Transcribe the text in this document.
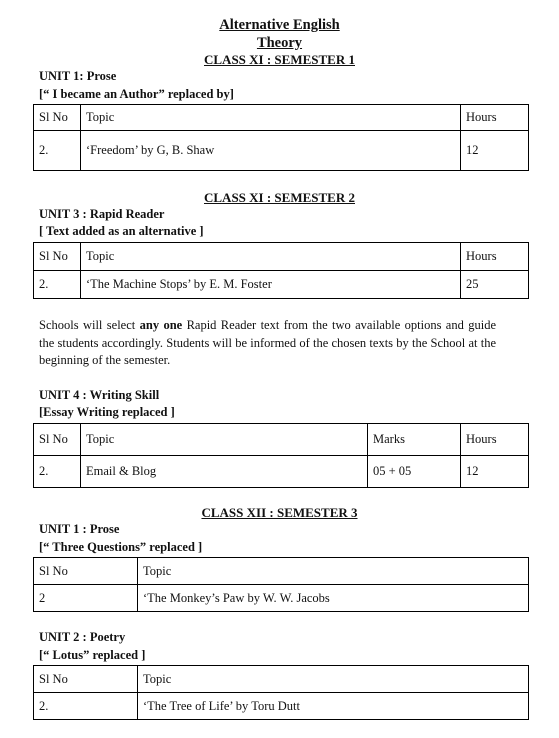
Alternative English
Theory
CLASS XI : SEMESTER 1
UNIT 1: Prose
[“ I became an Author” replaced by]
Sl No	Topic	Hours
2.	‘Freedom’ by G, B. Shaw	12
CLASS XI : SEMESTER 2
UNIT 3 : Rapid Reader
[ Text added as an alternative ]
Sl No	Topic	Hours
2.	‘The Machine Stops’ by E. M. Foster	25
Schools will select any one Rapid Reader text from the two available options and guide the students accordingly. Students will be informed of the chosen texts by the School at the beginning of the semester.
UNIT 4 : Writing Skill
[Essay Writing replaced ]
Sl No	Topic	Marks	Hours
2.	Email & Blog	05 + 05	12
CLASS XII : SEMESTER 3
UNIT 1 : Prose
[“ Three Questions” replaced ]
Sl No	Topic
2	‘The Monkey’s Paw by W. W. Jacobs
UNIT 2 : Poetry
[“ Lotus” replaced ]
Sl No	Topic
2.	‘The Tree of Life’ by Toru Dutt
